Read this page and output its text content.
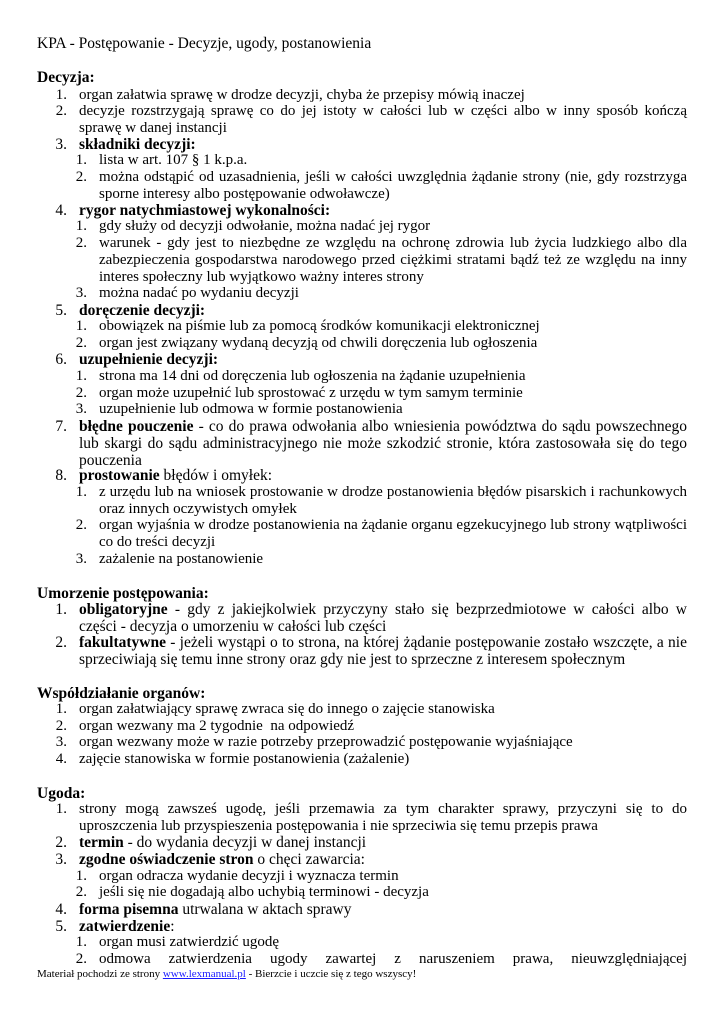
KPA - Postępowanie - Decyzje, ugody, postanowienia
Decyzja:
1. organ załatwia sprawę w drodze decyzji, chyba że przepisy mówią inaczej
2. decyzje rozstrzygają sprawę co do jej istoty w całości lub w części albo w inny sposób kończą sprawę w danej instancji
3. składniki decyzji:
1. lista w art. 107 § 1 k.p.a.
2. można odstąpić od uzasadnienia, jeśli w całości uwzględnia żądanie strony (nie, gdy rozstrzyga sporne interesy albo postępowanie odwoławcze)
4. rygor natychmiastowej wykonalności:
1. gdy służy od decyzji odwołanie, można nadać jej rygor
2. warunek - gdy jest to niezbędne ze względu na ochronę zdrowia lub życia ludzkiego albo dla zabezpieczenia gospodarstwa narodowego przed ciężkimi stratami bądź też ze względu na inny interes społeczny lub wyjątkowo ważny interes strony
3. można nadać po wydaniu decyzji
5. doręczenie decyzji:
1. obowiązek na piśmie lub za pomocą środków komunikacji elektronicznej
2. organ jest związany wydaną decyzją od chwili doręczenia lub ogłoszenia
6. uzupełnienie decyzji:
1. strona ma 14 dni od doręczenia lub ogłoszenia na żądanie uzupełnienia
2. organ może uzupełnić lub sprostować z urzędu w tym samym terminie
3. uzupełnienie lub odmowa w formie postanowienia
7. błędne pouczenie - co do prawa odwołania albo wniesienia powództwa do sądu powszechnego lub skargi do sądu administracyjnego nie może szkodzić stronie, która zastosowała się do tego pouczenia
8. prostowanie błędów i omyłek:
1. z urzędu lub na wniosek prostowanie w drodze postanowienia błędów pisarskich i rachunkowych oraz innych oczywistych omyłek
2. organ wyjaśnia w drodze postanowienia na żądanie organu egzekucyjnego lub strony wątpliwości co do treści decyzji
3. zażalenie na postanowienie
Umorzenie postępowania:
1. obligatoryjne - gdy z jakiejkolwiek przyczyny stało się bezprzedmiotowe w całości albo w części - decyzja o umorzeniu w całości lub części
2. fakultatywne - jeżeli wystąpi o to strona, na której żądanie postępowanie zostało wszczęte, a nie sprzeciwiają się temu inne strony oraz gdy nie jest to sprzeczne z interesem społecznym
Współdziałanie organów:
1. organ załatwiający sprawę zwraca się do innego o zajęcie stanowiska
2. organ wezwany ma 2 tygodnie  na odpowiedź
3. organ wezwany może w razie potrzeby przeprowadzić postępowanie wyjaśniające
4. zajęcie stanowiska w formie postanowienia (zażalenie)
Ugoda:
1. strony mogą zawsześ ugodę, jeśli przemawia za tym charakter sprawy, przyczyni się to do uproszczenia lub przyspieszenia postępowania i nie sprzeciwia się temu przepis prawa
2. termin - do wydania decyzji w danej instancji
3. zgodne oświadczenie stron o chęci zawarcia:
1. organ odracza wydanie decyzji i wyznacza termin
2. jeśli się nie dogadają albo uchybią terminowi - decyzja
4. forma pisemna utrwalana w aktach sprawy
5. zatwierdzenie:
1. organ musi zatwierdzić ugodę
2. odmowa zatwierdzenia ugody zawartej z naruszeniem prawa, nieuwzględniającej
Materiał pochodzi ze strony www.lexmanual.pl - Bierzcie i uczcie się z tego wszyscy!
